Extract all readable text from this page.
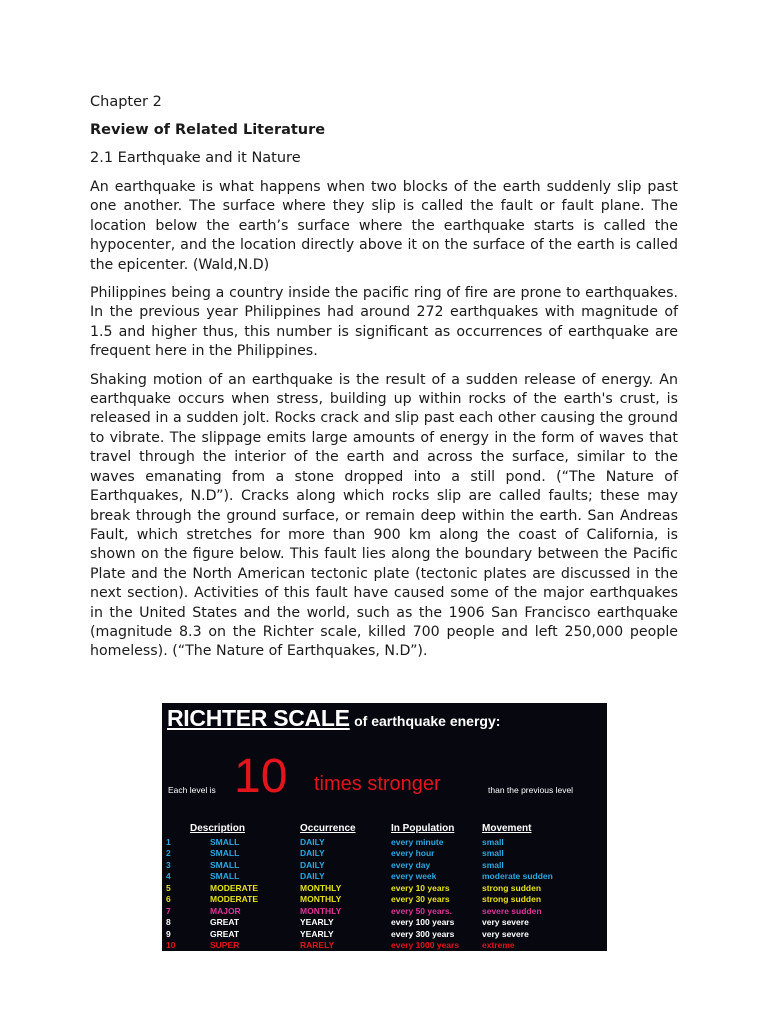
Chapter 2
Review of Related Literature
2.1 Earthquake and it Nature

An earthquake is what happens when two blocks of the earth suddenly slip past one another. The surface where they slip is called the fault or fault plane. The location below the earth’s surface where the earthquake starts is called the hypocenter, and the location directly above it on the surface of the earth is called the epicenter. (Wald,N.D)

Philippines being a country inside the pacific ring of fire are prone to earthquakes. In the previous year Philippines had around 272 earthquakes with magnitude of 1.5 and higher thus, this number is significant as occurrences of earthquake are frequent here in the Philippines.

Shaking motion of an earthquake is the result of a sudden release of energy. An earthquake occurs when stress, building up within rocks of the earth's crust, is released in a sudden jolt. Rocks crack and slip past each other causing the ground to vibrate. The slippage emits large amounts of energy in the form of waves that travel through the interior of the earth and across the surface, similar to the waves emanating from a stone dropped into a still pond. (“The Nature of Earthquakes, N.D”). Cracks along which rocks slip are called faults; these may break through the ground surface, or remain deep within the earth. San Andreas Fault, which stretches for more than 900 km along the coast of California, is shown on the figure below. This fault lies along the boundary between the Pacific Plate and the North American tectonic plate (tectonic plates are discussed in the next section). Activities of this fault have caused some of the major earthquakes in the United States and the world, such as the 1906 San Francisco earthquake (magnitude 8.3 on the Richter scale, killed 700 people and left 250,000 people homeless). (“The Nature of Earthquakes, N.D”).

RICHTER SCALE of earthquake energy:
Each level is 10 times stronger	than the previous level
	Description	Occurrence	In Population	Movement
1	SMALL	DAILY	every minute	small
2	SMALL	DAILY	every hour	small
3	SMALL	DAILY	every day	small
4	SMALL	DAILY	every week	moderate sudden
5	MODERATE	MONTHLY	every 10 years	strong sudden
6	MODERATE	MONTHLY	every 30 years	strong sudden
7	MAJOR	MONTHLY	every 50 years.	severe sudden
8	GREAT	YEARLY	every 100 years	very severe
9	GREAT	YEARLY	every 300 years	very severe
10	SUPER	RARELY	every 1000 years	extreme
